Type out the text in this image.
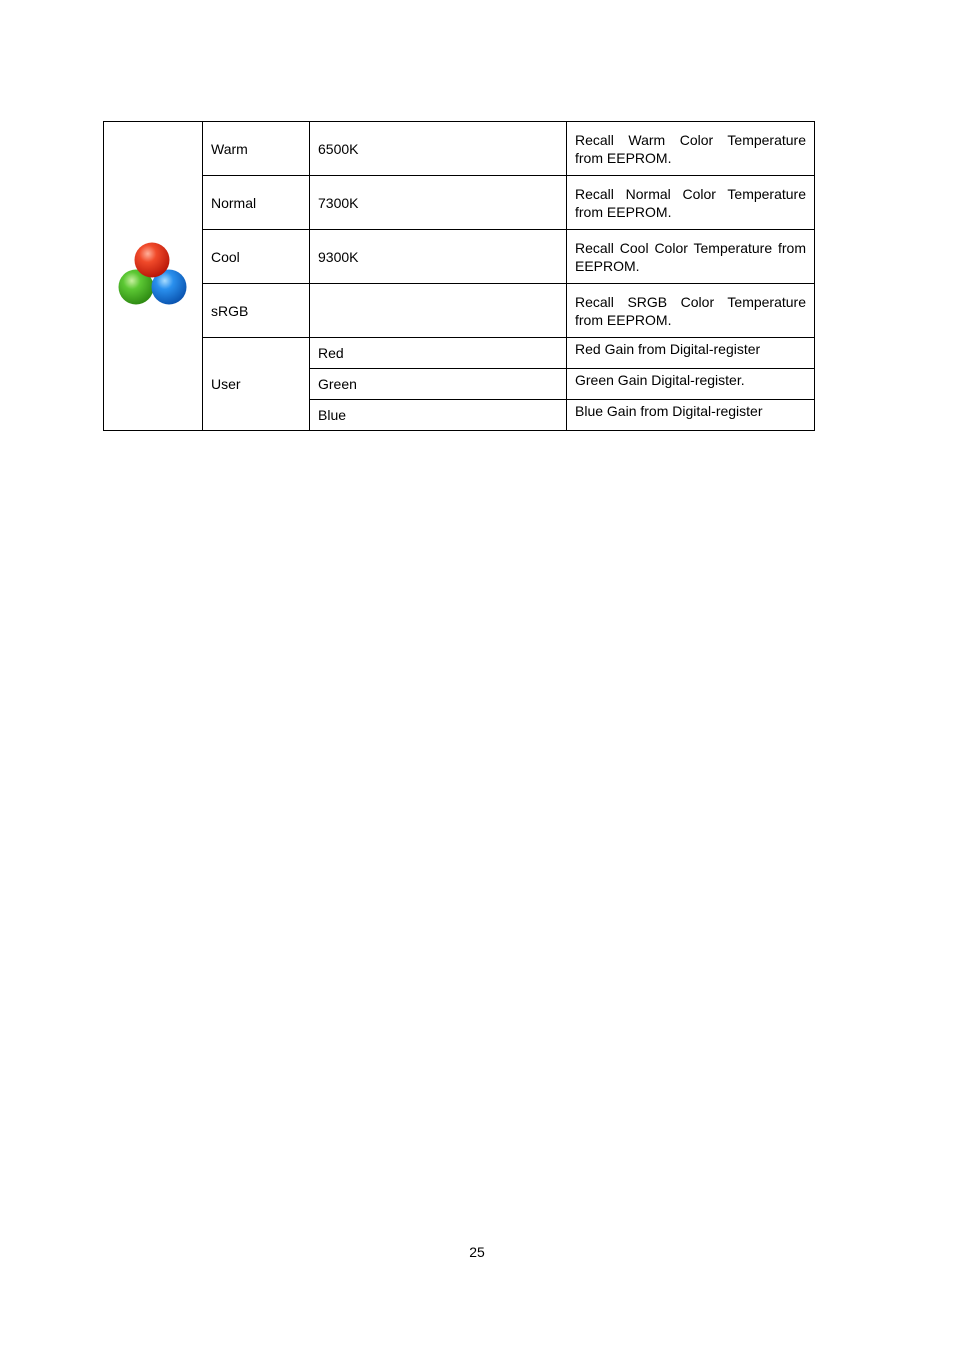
	Warm	6500K	Recall Warm Color Temperature from EEPROM.
	Normal	7300K	Recall Normal Color Temperature from EEPROM.
	Cool	9300K	Recall Cool Color Temperature from EEPROM.
	sRGB		Recall SRGB Color Temperature from EEPROM.
	User	Red	Red Gain from Digital-register
		Green	Green Gain Digital-register.
		Blue	Blue Gain from Digital-register
25
